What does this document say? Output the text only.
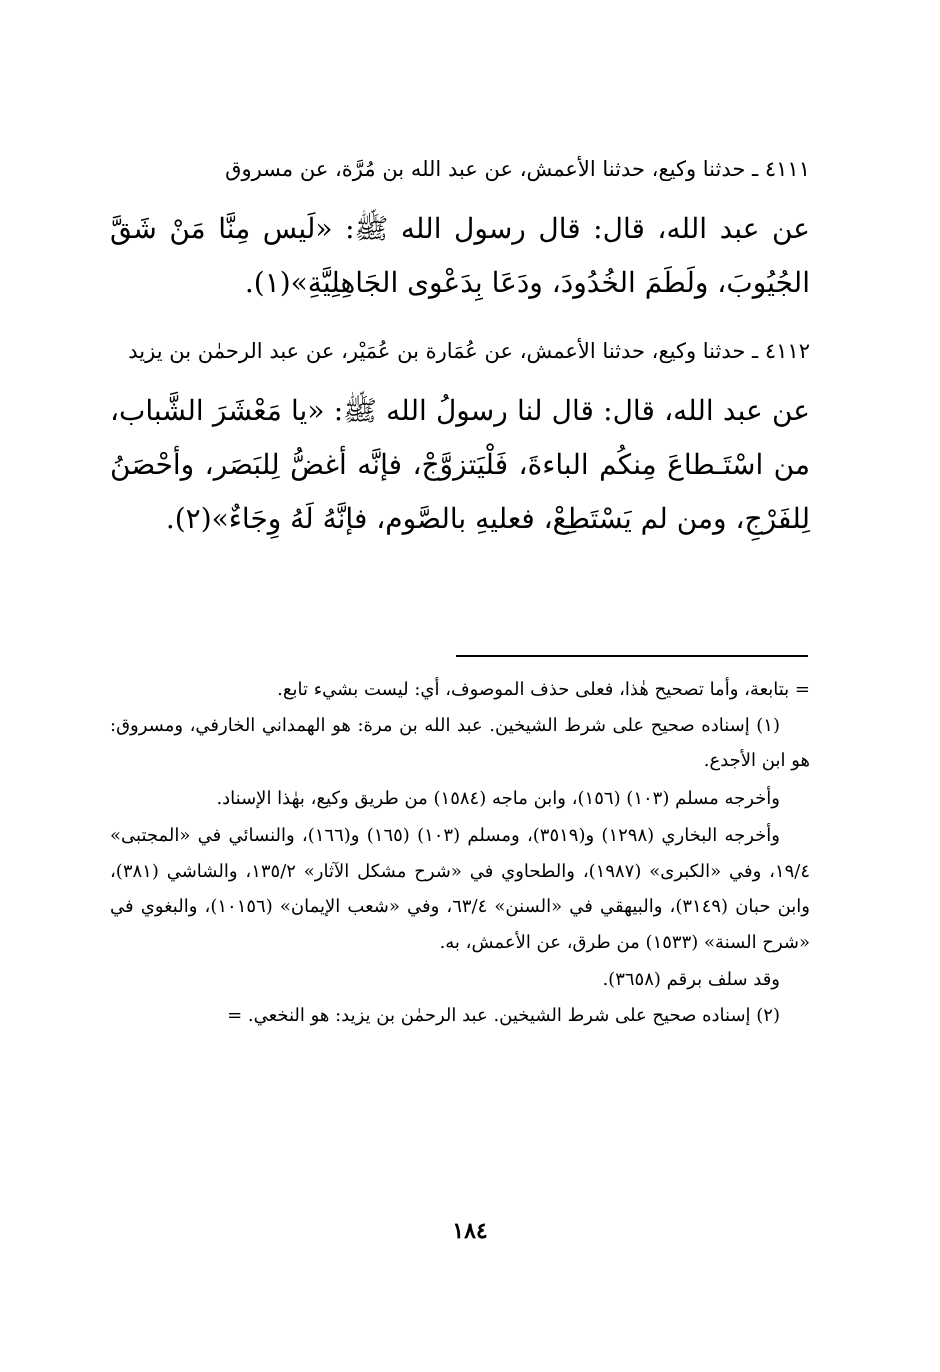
٤١١١ ـ حدثنا وكيع، حدثنا الأعمش، عن عبد الله بن مُرَّة، عن مسروق

عن عبد الله، قال: قال رسول الله ﷺ: «لَيس مِنَّا مَنْ شَقَّ الجُيُوبَ، ولَطَمَ الخُدُودَ، ودَعَا بِدَعْوى الجَاهِلِيَّةِ»(١).

٤١١٢ ـ حدثنا وكيع، حدثنا الأعمش، عن عُمَارة بن عُمَيْر، عن عبد الرحمٰن بن يزيد

عن عبد الله، قال: قال لنا رسولُ الله ﷺ: «يا مَعْشَرَ الشَّباب، من اسْتَـطاعَ مِنكُم الباءةَ، فَلْيَتزوَّجْ، فإنَّه أغضُّ لِلبَصَر، وأحْصَنُ لِلفَرْجِ، ومن لم يَسْتَطِعْ، فعليهِ بالصَّوم، فإنَّهُ لَهُ وِجَاءٌ»(٢).

= بتابعة، وأما تصحيح هٰذا، فعلى حذف الموصوف، أي: ليست بشيء تابع.

(١) إسناده صحيح على شرط الشيخين. عبد الله بن مرة: هو الهمداني الخارفي، ومسروق: هو ابن الأجدع.

وأخرجه مسلم (١٠٣) (١٥٦)، وابن ماجه (١٥٨٤) من طريق وكيع، بهٰذا الإسناد.

وأخرجه البخاري (١٢٩٨) و(٣٥١٩)، ومسلم (١٠٣) (١٦٥) و(١٦٦)، والنسائي في «المجتبى» ١٩/٤، وفي «الكبرى» (١٩٨٧)، والطحاوي في «شرح مشكل الآثار» ١٣٥/٢، والشاشي (٣٨١)، وابن حبان (٣١٤٩)، والبيهقي في «السنن» ٦٣/٤، وفي «شعب الإيمان» (١٠١٥٦)، والبغوي في «شرح السنة» (١٥٣٣) من طرق، عن الأعمش، به.

وقد سلف برقم (٣٦٥٨).

(٢) إسناده صحيح على شرط الشيخين. عبد الرحمٰن بن يزيد: هو النخعي. =

١٨٤
